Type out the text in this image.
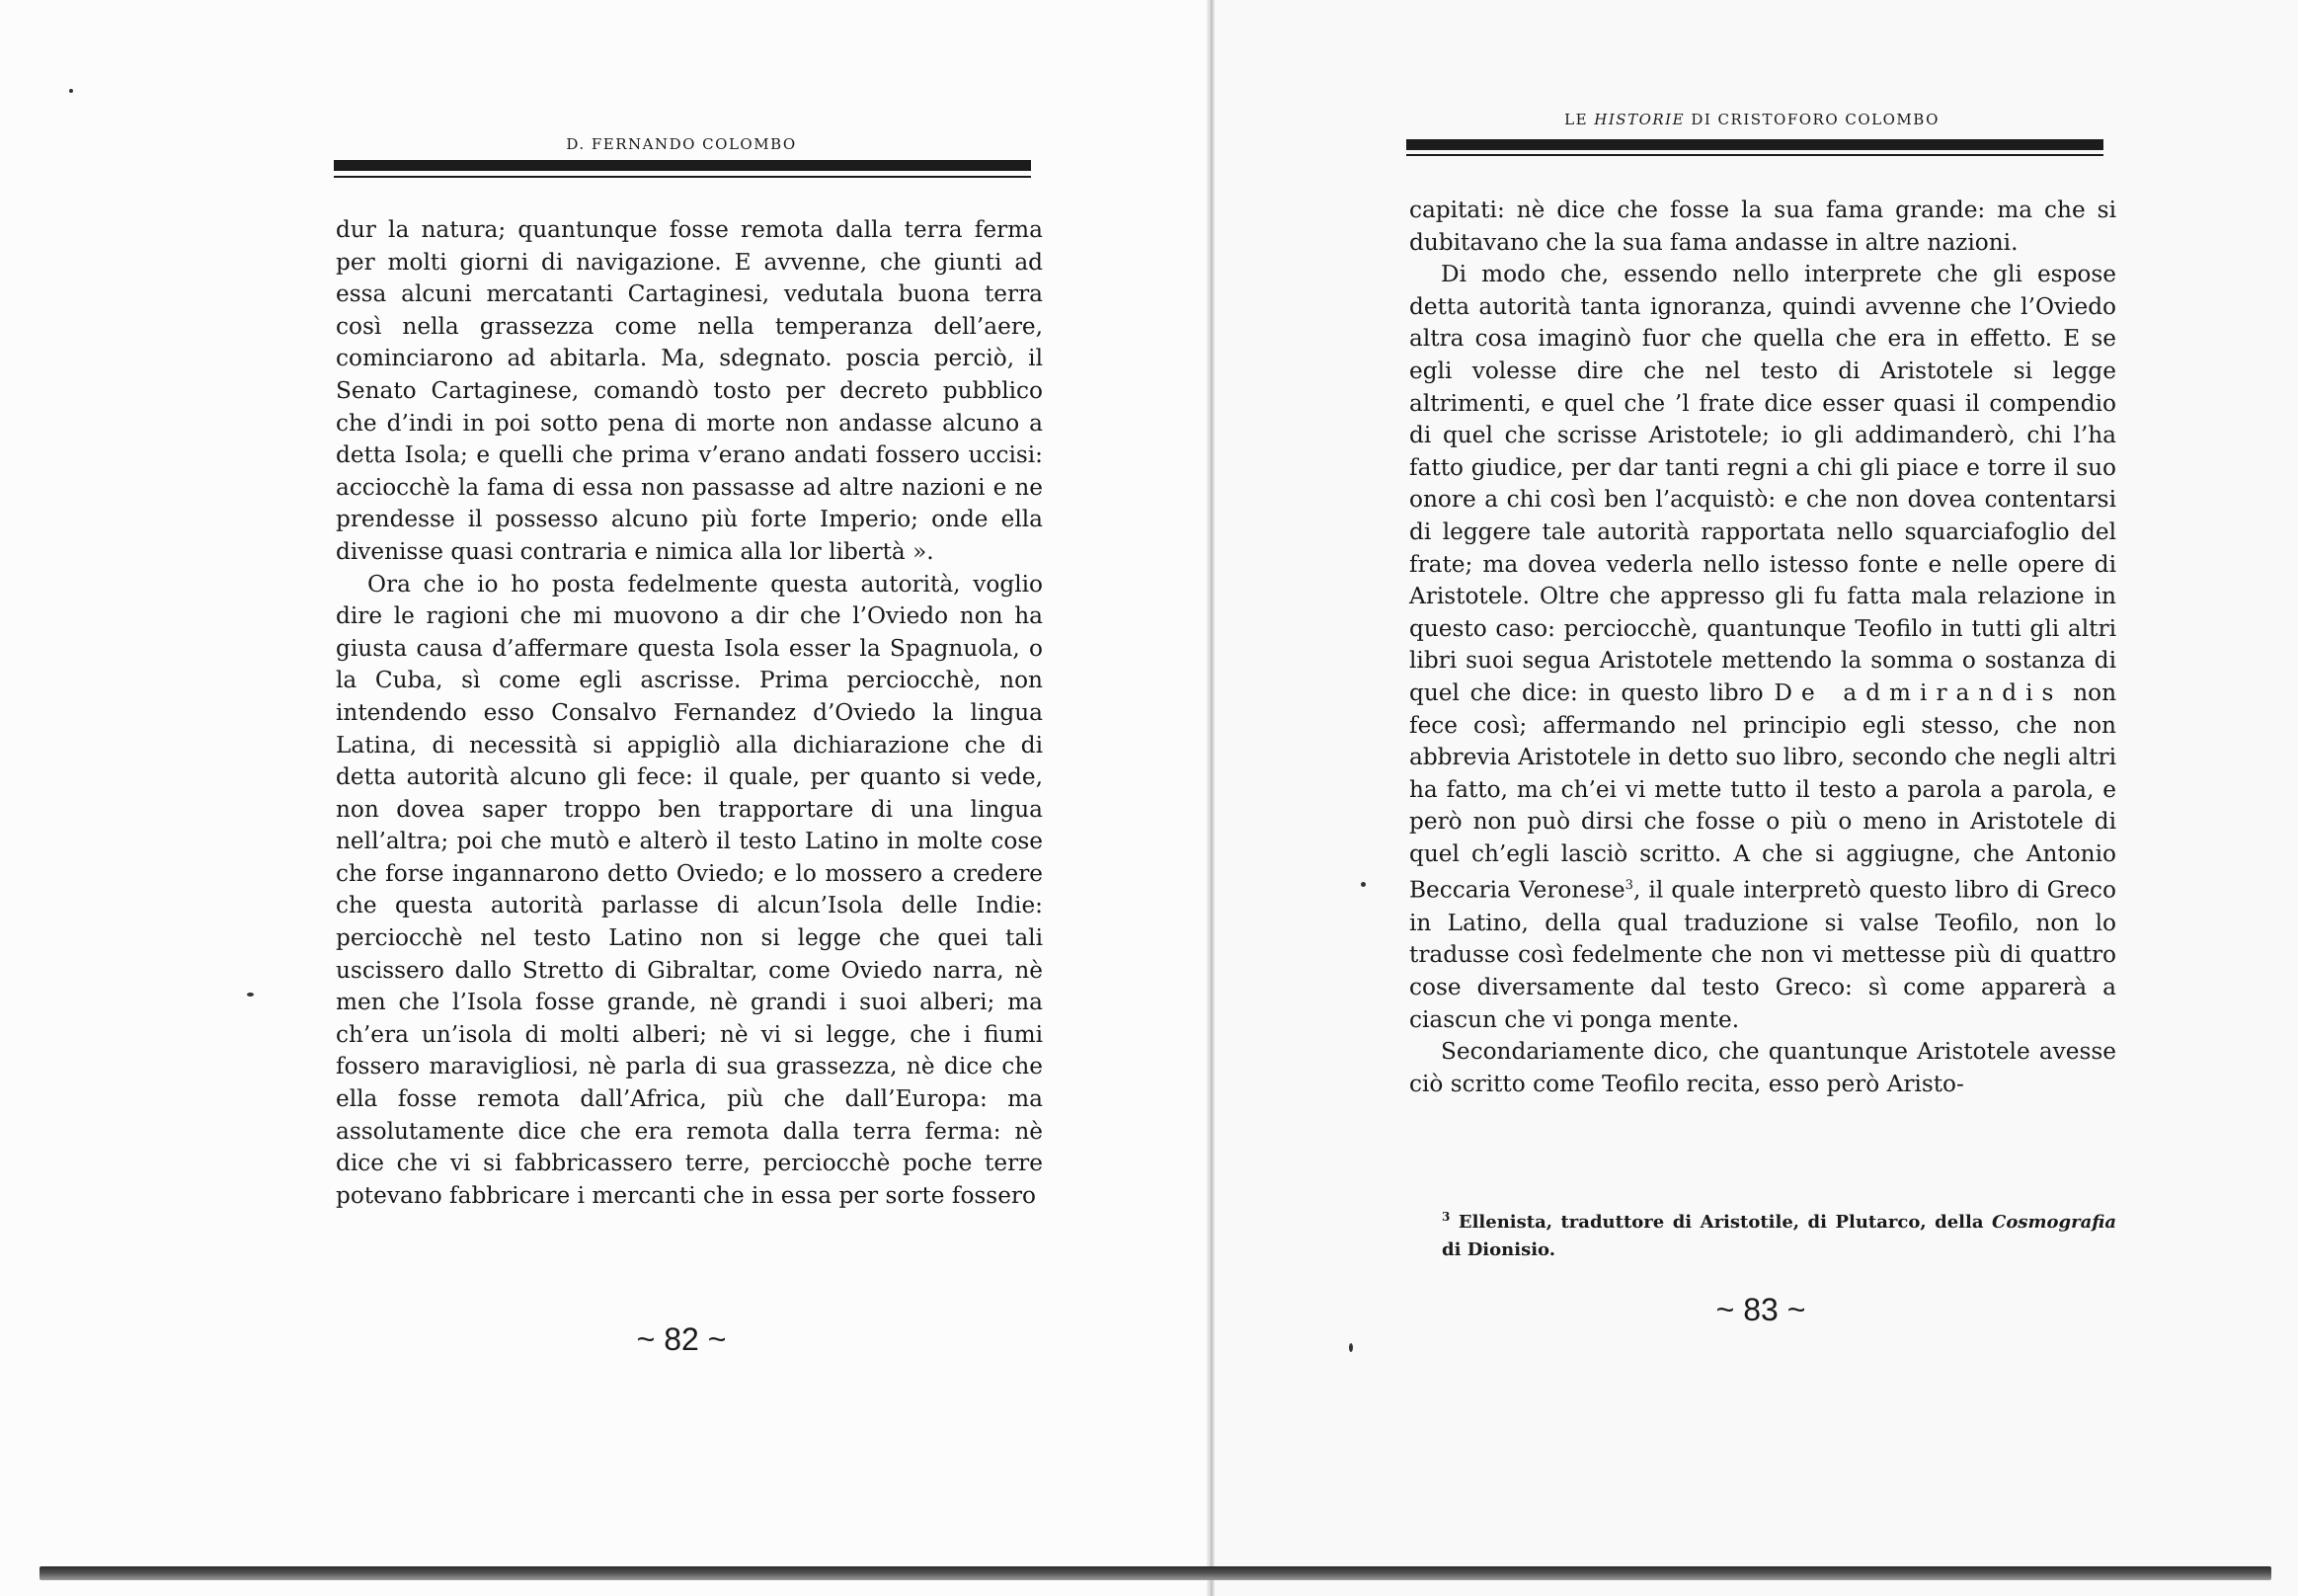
D. FERNANDO COLOMBO

dur la natura; quantunque fosse remota dalla terra ferma per molti giorni di navigazione. E avvenne, che giunti ad essa alcuni mercatanti Cartaginesi, vedutala buona terra così nella grassezza come nella temperanza dell’aere, cominciarono ad abitarla. Ma, sdegnato. poscia perciò, il Senato Cartaginese, comandò tosto per decreto pubblico che d’indi in poi sotto pena di morte non andasse alcuno a detta Isola; e quelli che prima v’erano andati fossero uccisi: acciocchè la fama di essa non passasse ad altre nazioni e ne prendesse il possesso alcuno più forte Imperio; onde ella divenisse quasi contraria e nimica alla lor libertà ».

Ora che io ho posta fedelmente questa autorità, voglio dire le ragioni che mi muovono a dir che l’Oviedo non ha giusta causa d’affermare questa Isola esser la Spagnuola, o la Cuba, sì come egli ascrisse. Prima perciocchè, non intendendo esso Consalvo Fernandez d’Oviedo la lingua Latina, di necessità si appigliò alla dichiarazione che di detta autorità alcuno gli fece: il quale, per quanto si vede, non dovea saper troppo ben trapportare di una lingua nell’altra; poi che mutò e alterò il testo Latino in molte cose che forse ingannarono detto Oviedo; e lo mossero a credere che questa autorità parlasse di alcun’Isola delle Indie: perciocchè nel testo Latino non si legge che quei tali uscissero dallo Stretto di Gibraltar, come Oviedo narra, nè men che l’Isola fosse grande, nè grandi i suoi alberi; ma ch’era un’isola di molti alberi; nè vi si legge, che i fiumi fossero maravigliosi, nè parla di sua grassezza, nè dice che ella fosse remota dall’Africa, più che dall’Europa: ma assolutamente dice che era remota dalla terra ferma: nè dice che vi si fabbricassero terre, perciocchè poche terre potevano fabbricare i mercanti che in essa per sorte fossero

~ 82 ~
LE HISTORIE DI CRISTOFORO COLOMBO

capitati: nè dice che fosse la sua fama grande: ma che si dubitavano che la sua fama andasse in altre nazioni.

Di modo che, essendo nello interprete che gli espose detta autorità tanta ignoranza, quindi avvenne che l’Oviedo altra cosa imaginò fuor che quella che era in effetto. E se egli volesse dire che nel testo di Aristotele si legge altrimenti, e quel che ’l frate dice esser quasi il compendio di quel che scrisse Aristotele; io gli addimanderò, chi l’ha fatto giudice, per dar tanti regni a chi gli piace e torre il suo onore a chi così ben l’acquistò: e che non dovea contentarsi di leggere tale autorità rapportata nello squarciafoglio del frate; ma dovea vederla nello istesso fonte e nelle opere di Aristotele. Oltre che appresso gli fu fatta mala relazione in questo caso: perciocchè, quantunque Teofilo in tutti gli altri libri suoi segua Aristotele mettendo la somma o sostanza di quel che dice: in questo libro De admirandis non fece così; affermando nel principio egli stesso, che non abbrevia Aristotele in detto suo libro, secondo che negli altri ha fatto, ma ch’ei vi mette tutto il testo a parola a parola, e però non può dirsi che fosse o più o meno in Aristotele di quel ch’egli lasciò scritto. A che si aggiugne, che Antonio Beccaria Veronese$^3$, il quale interpretò questo libro di Greco in Latino, della qual traduzione si valse Teofilo, non lo tradusse così fedelmente che non vi mettesse più di quattro cose diversamente dal testo Greco: sì come apparerà a ciascun che vi ponga mente.

Secondariamente dico, che quantunque Aristotele avesse ciò scritto come Teofilo recita, esso però Aristo-

$^3$ Ellenista, traduttore di Aristotile, di Plutarco, della Cosmografia di Dionisio.
~ 83 ~
